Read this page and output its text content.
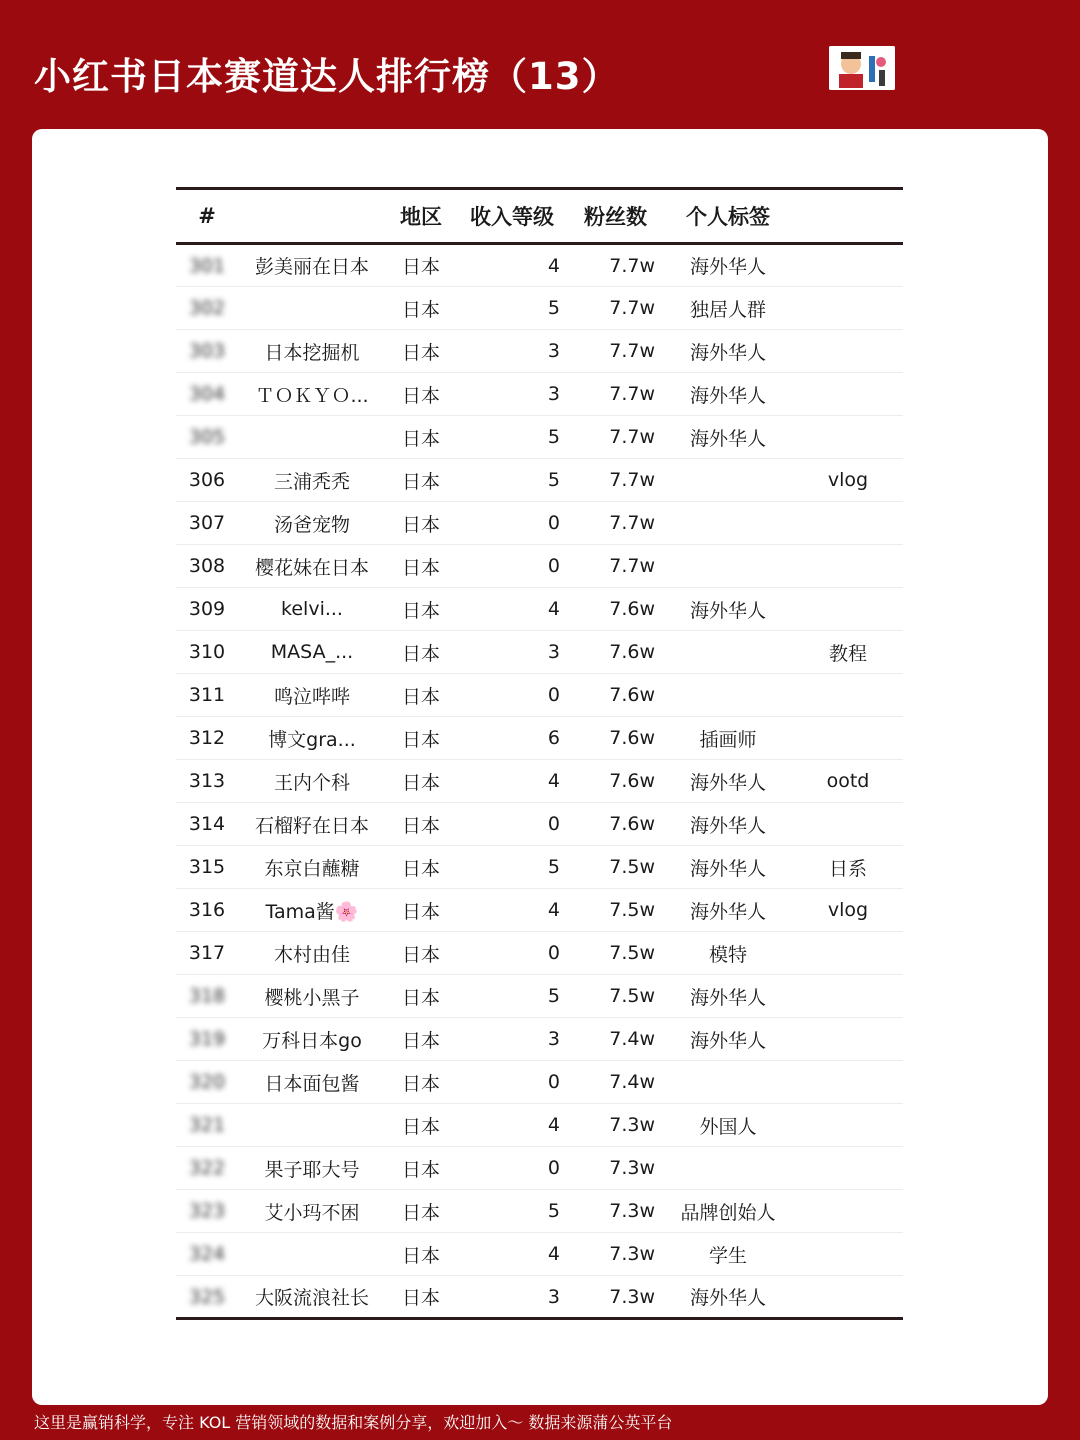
小红书日本赛道达人排行榜（13）
#		地区	收入等级	粉丝数	个人标签	
301	彭美丽在日本	日本	4	7.7w	海外华人	
302		日本	5	7.7w	独居人群	
303	日本挖掘机	日本	3	7.7w	海外华人	
304	ＴＯＫＹＯ...	日本	3	7.7w	海外华人	
305		日本	5	7.7w	海外华人	
306	三浦秃秃	日本	5	7.7w		vlog
307	汤爸宠物	日本	0	7.7w		
308	樱花妹在日本	日本	0	7.7w		
309	kelvi...	日本	4	7.6w	海外华人	
310	MASA_...	日本	3	7.6w		教程
311	鸣泣哔哔	日本	0	7.6w		
312	博文gra...	日本	6	7.6w	插画师	
313	王内个科	日本	4	7.6w	海外华人	ootd
314	石榴籽在日本	日本	0	7.6w	海外华人	
315	东京白蘸糖	日本	5	7.5w	海外华人	日系
316	Tama酱🌸	日本	4	7.5w	海外华人	vlog
317	木村由佳	日本	0	7.5w	模特	
318	樱桃小黑子	日本	5	7.5w	海外华人	
319	万科日本go	日本	3	7.4w	海外华人	
320	日本面包酱	日本	0	7.4w		
321		日本	4	7.3w	外国人	
322	果子耶大号	日本	0	7.3w		
323	艾小玛不困	日本	5	7.3w	品牌创始人	
324		日本	4	7.3w	学生	
325	大阪流浪社长	日本	3	7.3w	海外华人	
这里是赢销科学，专注 KOL 营销领域的数据和案例分享，欢迎加入～ 数据来源蒲公英平台
